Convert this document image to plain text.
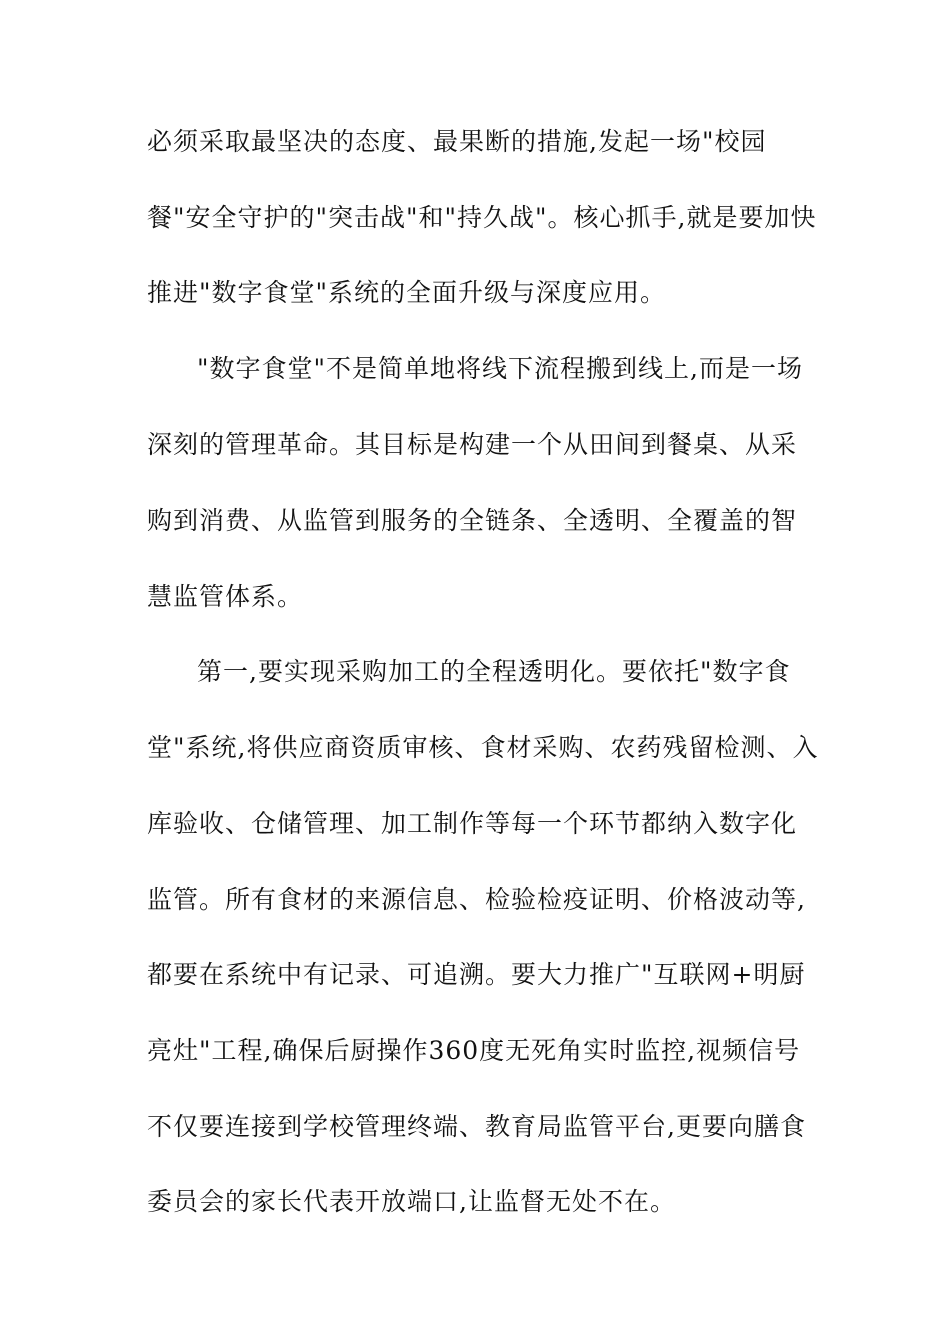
必须采取最坚决的态度、最果断的措施,发起一场"校园

餐"安全守护的"突击战"和"持久战"。核心抓手,就是要加快

推进"数字食堂"系统的全面升级与深度应用。

"数字食堂"不是简单地将线下流程搬到线上,而是一场

深刻的管理革命。其目标是构建一个从田间到餐桌、从采

购到消费、从监管到服务的全链条、全透明、全覆盖的智

慧监管体系。

第一,要实现采购加工的全程透明化。要依托"数字食

堂"系统,将供应商资质审核、食材采购、农药残留检测、入

库验收、仓储管理、加工制作等每一个环节都纳入数字化

监管。所有食材的来源信息、检验检疫证明、价格波动等,

都要在系统中有记录、可追溯。要大力推广"互联网+明厨

亮灶"工程,确保后厨操作360度无死角实时监控,视频信号

不仅要连接到学校管理终端、教育局监管平台,更要向膳食

委员会的家长代表开放端口,让监督无处不在。
